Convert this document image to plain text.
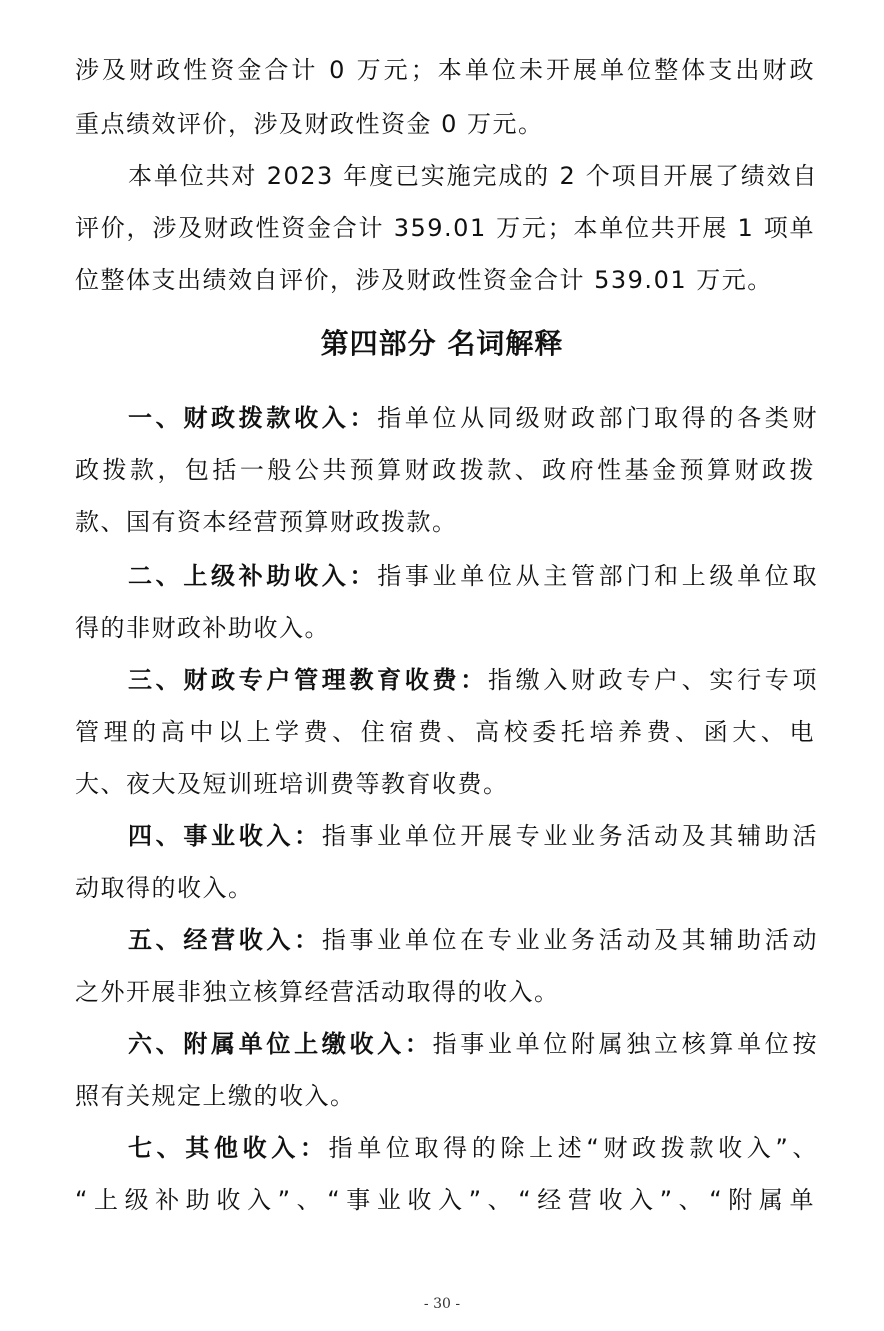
涉及财政性资金合计 0 万元；本单位未开展单位整体支出财政
重点绩效评价，涉及财政性资金 0 万元。
本单位共对 2023 年度已实施完成的 2 个项目开展了绩效自
评价，涉及财政性资金合计 359.01 万元；本单位共开展 1 项单
位整体支出绩效自评价，涉及财政性资金合计 539.01 万元。
第四部分 名词解释
一、财政拨款收入：指单位从同级财政部门取得的各类财
政拨款，包括一般公共预算财政拨款、政府性基金预算财政拨
款、国有资本经营预算财政拨款。
二、上级补助收入：指事业单位从主管部门和上级单位取
得的非财政补助收入。
三、财政专户管理教育收费：指缴入财政专户、实行专项
管理的高中以上学费、住宿费、高校委托培养费、函大、电
大、夜大及短训班培训费等教育收费。
四、事业收入：指事业单位开展专业业务活动及其辅助活
动取得的收入。
五、经营收入：指事业单位在专业业务活动及其辅助活动
之外开展非独立核算经营活动取得的收入。
六、附属单位上缴收入：指事业单位附属独立核算单位按
照有关规定上缴的收入。
七、其他收入：指单位取得的除上述“财政拨款收入”、
“上级补助收入”、“事业收入”、“经营收入”、“附属单
- 30 -
